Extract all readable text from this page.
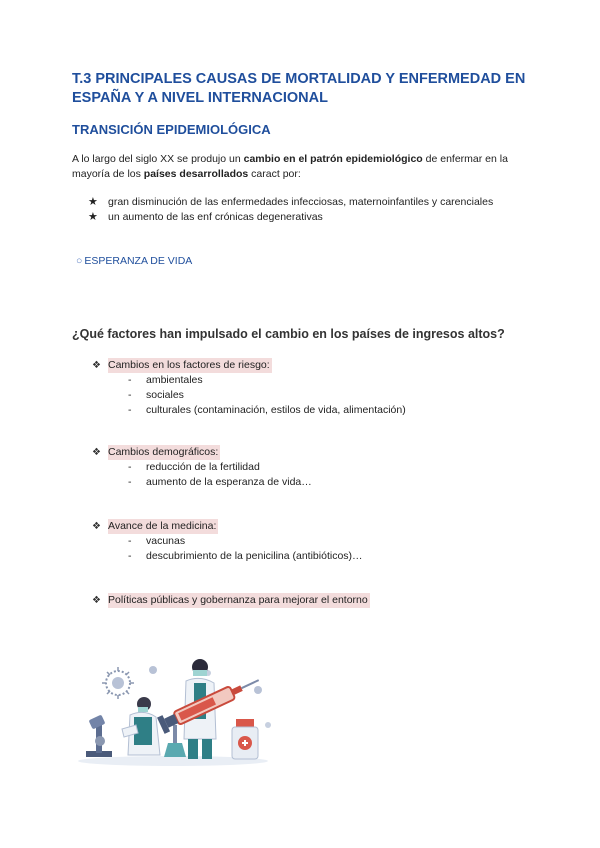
T.3 PRINCIPALES CAUSAS DE MORTALIDAD Y ENFERMEDAD EN ESPAÑA Y A NIVEL INTERNACIONAL
TRANSICIÓN EPIDEMIOLÓGICA
A lo largo del siglo XX se produjo un cambio en el patrón epidemiológico de enfermar en la mayoría de los países desarrollados caract por:
★ gran disminución de las enfermedades infecciosas, maternoinfantiles y carenciales
★ un aumento de las enf crónicas degenerativas
○ ESPERANZA DE VIDA
¿Qué factores han impulsado el cambio en los países de ingresos altos?
❖ Cambios en los factores de riesgo:
-	ambientales
-	sociales
-	culturales (contaminación, estilos de vida, alimentación)
❖ Cambios demográficos:
-	reducción de la fertilidad
-	aumento de la esperanza de vida…
❖ Avance de la medicina:
-	vacunas
-	descubrimiento de la penicilina (antibióticos)…
❖ Políticas públicas y gobernanza para mejorar el entorno
